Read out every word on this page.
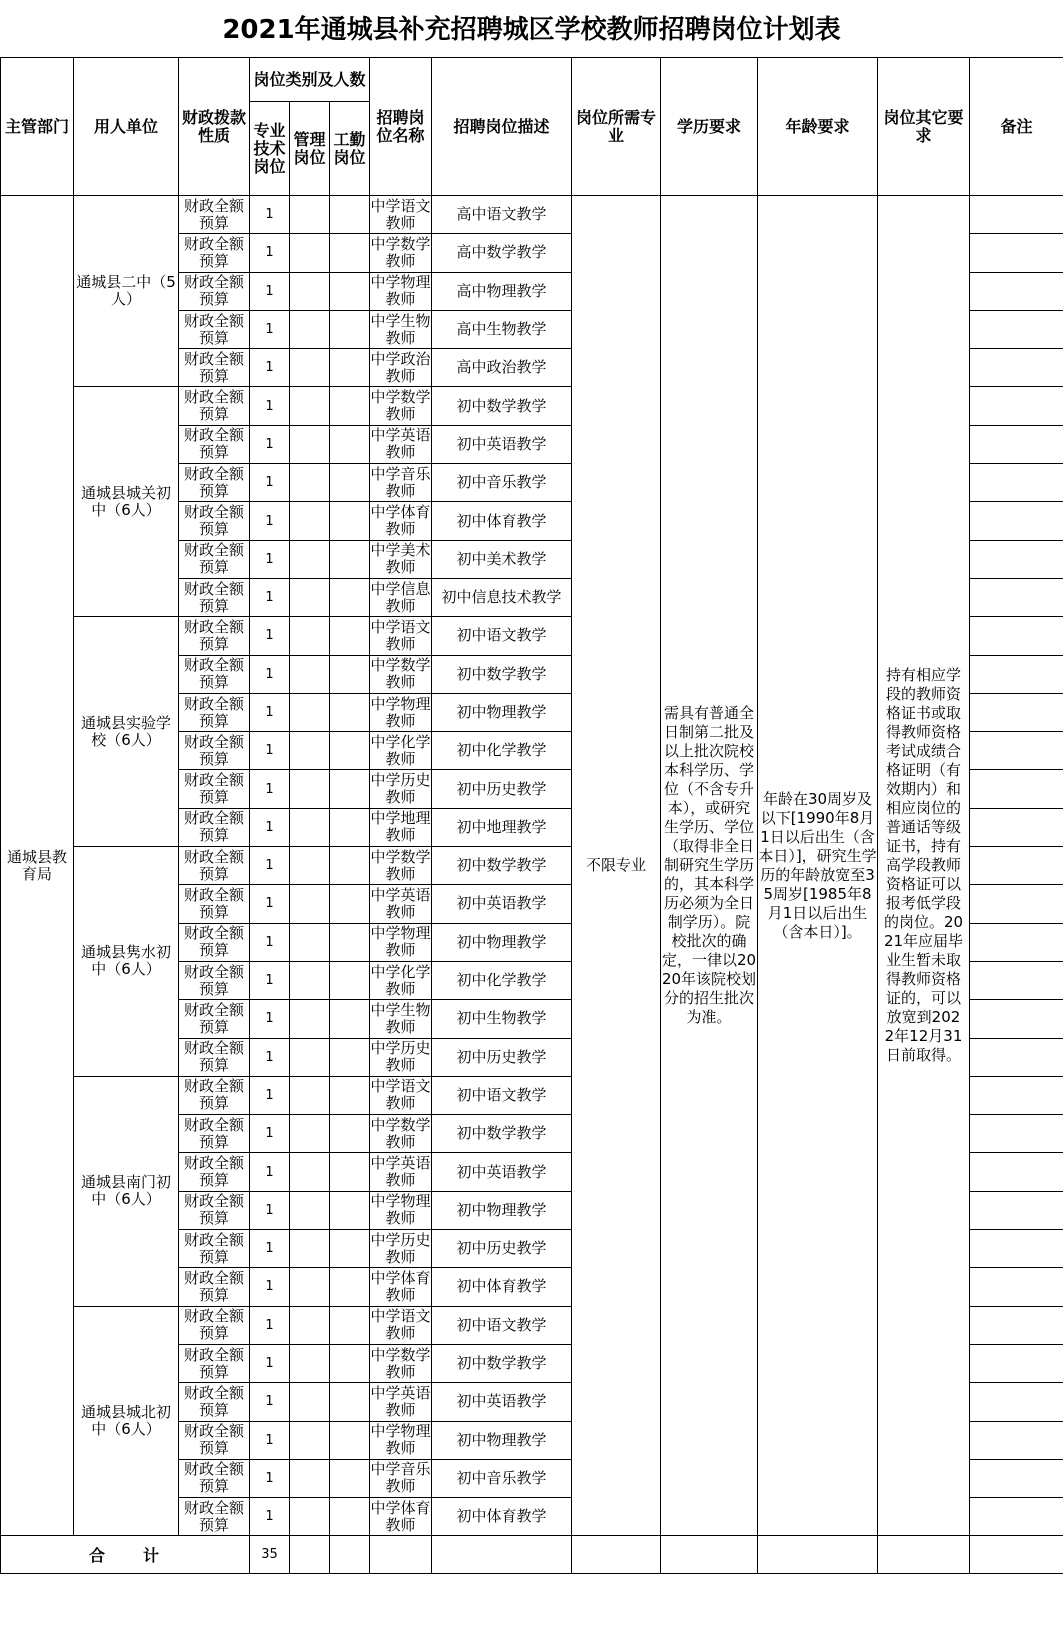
2021年通城县补充招聘城区学校教师招聘岗位计划表
主管部门	用人单位	财政拨款性质	岗位类别及人数			招聘岗位名称	招聘岗位描述	岗位所需专业	学历要求	年龄要求	岗位其它要求	备注
			专业技术岗位	管理岗位	工勤岗位							
通城县教育局	通城县二中（5人）	财政全额预算	1			中学语文教师	高中语文教学	不限专业	需具有普通全日制第二批及以上批次院校本科学历、学位（不含专升本），或研究生学历、学位（取得非全日制研究生学历的，其本科学历必须为全日制学历）。院校批次的确定，一律以2020年该院校划分的招生批次为准。	年龄在30周岁及以下[1990年8月1日以后出生（含本日）]，研究生学历的年龄放宽至35周岁[1985年8月1日以后出生（含本日）]。	持有相应学段的教师资格证书或取得教师资格考试成绩合格证明（有效期内）和相应岗位的普通话等级证书，持有高学段教师资格证可以报考低学段的岗位。2021年应届毕业生暂未取得教师资格证的，可以放宽到2022年12月31日前取得。	
		财政全额预算	1			中学数学教师	高中数学教学					
		财政全额预算	1			中学物理教师	高中物理教学					
		财政全额预算	1			中学生物教师	高中生物教学					
		财政全额预算	1			中学政治教师	高中政治教学					
	通城县城关初中（6人）	财政全额预算	1			中学数学教师	初中数学教学					
		财政全额预算	1			中学英语教师	初中英语教学					
		财政全额预算	1			中学音乐教师	初中音乐教学					
		财政全额预算	1			中学体育教师	初中体育教学					
		财政全额预算	1			中学美术教师	初中美术教学					
		财政全额预算	1			中学信息教师	初中信息技术教学					
	通城县实验学校（6人）	财政全额预算	1			中学语文教师	初中语文教学					
		财政全额预算	1			中学数学教师	初中数学教学					
		财政全额预算	1			中学物理教师	初中物理教学					
		财政全额预算	1			中学化学教师	初中化学教学					
		财政全额预算	1			中学历史教师	初中历史教学					
		财政全额预算	1			中学地理教师	初中地理教学					
	通城县隽水初中（6人）	财政全额预算	1			中学数学教师	初中数学教学					
		财政全额预算	1			中学英语教师	初中英语教学					
		财政全额预算	1			中学物理教师	初中物理教学					
		财政全额预算	1			中学化学教师	初中化学教学					
		财政全额预算	1			中学生物教师	初中生物教学					
		财政全额预算	1			中学历史教师	初中历史教学					
	通城县南门初中（6人）	财政全额预算	1			中学语文教师	初中语文教学					
		财政全额预算	1			中学数学教师	初中数学教学					
		财政全额预算	1			中学英语教师	初中英语教学					
		财政全额预算	1			中学物理教师	初中物理教学					
		财政全额预算	1			中学历史教师	初中历史教学					
		财政全额预算	1			中学体育教师	初中体育教学					
	通城县城北初中（6人）	财政全额预算	1			中学语文教师	初中语文教学					
		财政全额预算	1			中学数学教师	初中数学教学					
		财政全额预算	1			中学英语教师	初中英语教学					
		财政全额预算	1			中学物理教师	初中物理教学					
		财政全额预算	1			中学音乐教师	初中音乐教学					
		财政全额预算	1			中学体育教师	初中体育教学					
合　　计			35									
